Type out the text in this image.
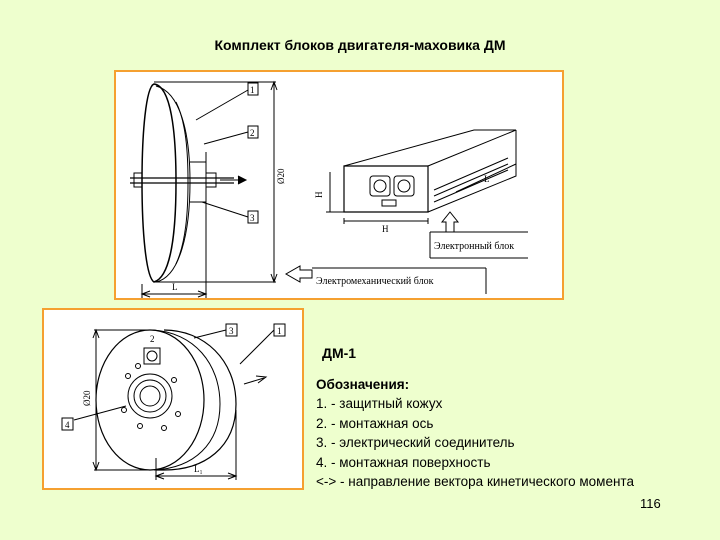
Комплект блоков двигателя-маховика ДМ
1
2
3
Ø20
L
H
Н
L
Электронный блок
Электромеханический блок
3	1
4
2
Ø20
L₁
ДМ-1
Обозначения:
1. - защитный кожух
2. - монтажная ось
3. - электрический соединитель
4. - монтажная поверхность
<-> - направление вектора кинетического момента
116
